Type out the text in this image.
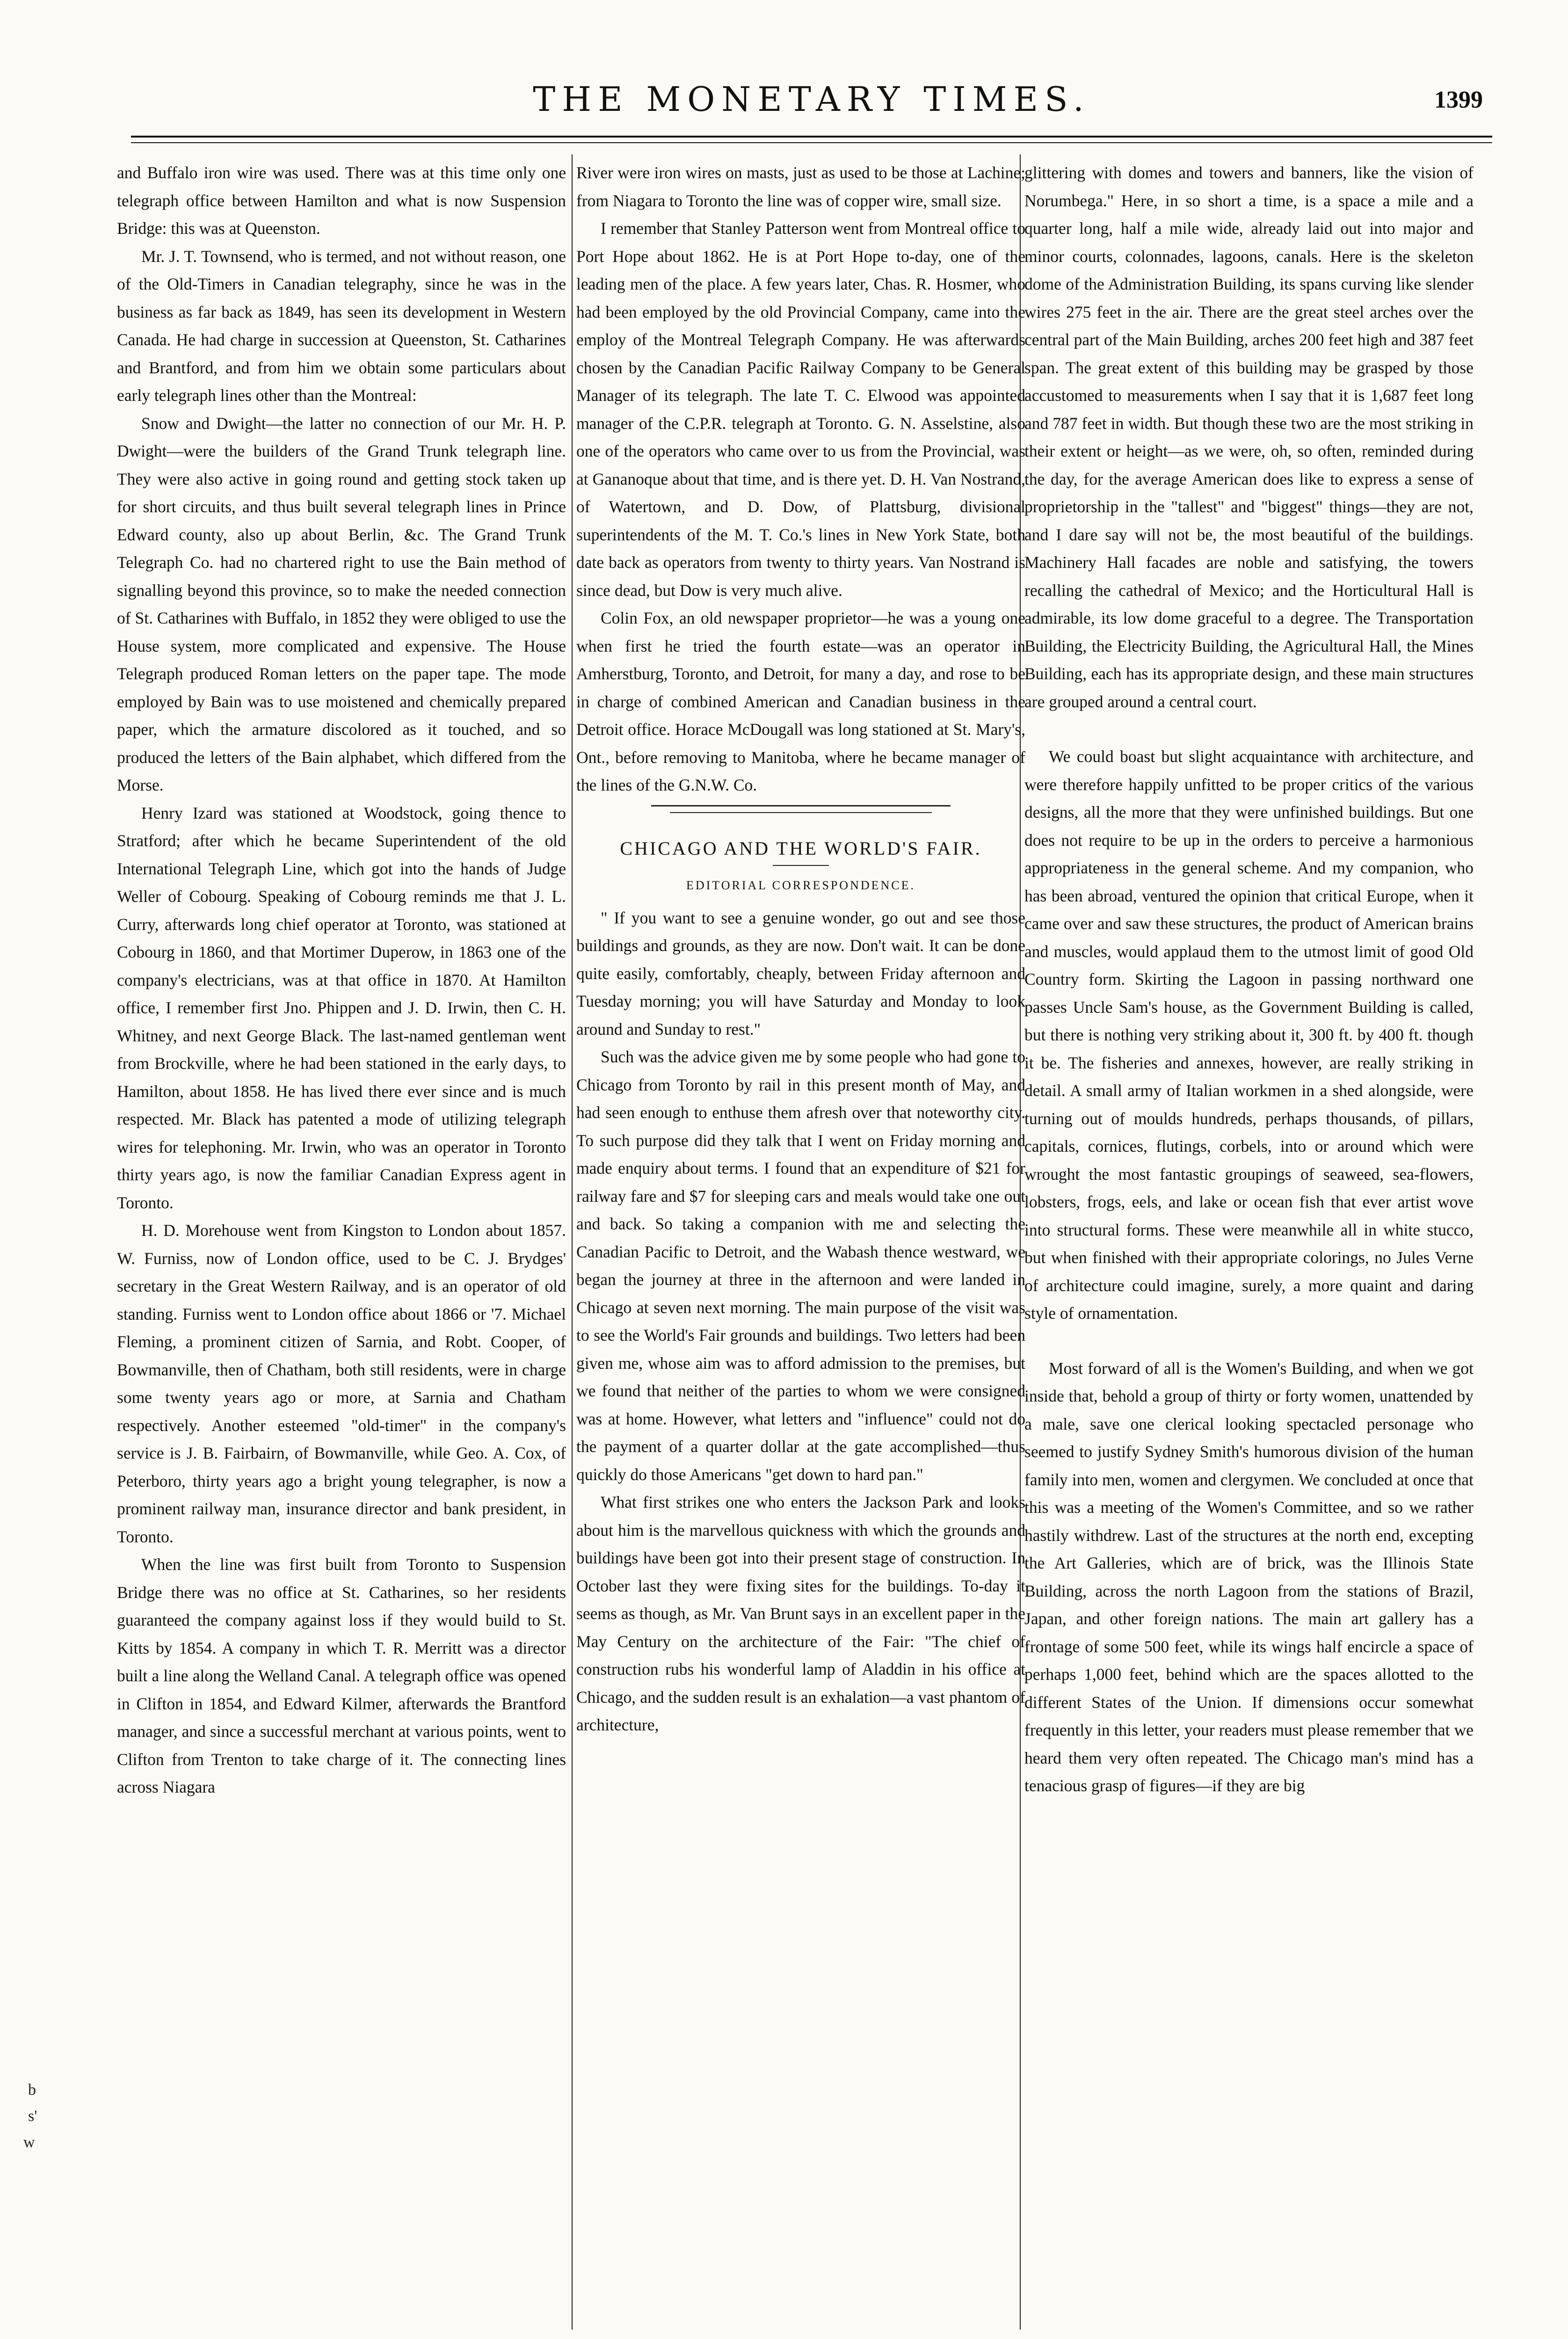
THE MONETARY TIMES.	1399

and Buffalo iron wire was used. There was at this time only one telegraph office between Hamilton and what is now Suspension Bridge: this was at Queenston.

Mr. J. T. Townsend, who is termed, and not without reason, one of the Old-Timers in Canadian telegraphy, since he was in the business as far back as 1849, has seen its development in Western Canada. He had charge in succession at Queenston, St. Catharines and Brantford, and from him we obtain some particulars about early telegraph lines other than the Montreal:

Snow and Dwight—the latter no connection of our Mr. H. P. Dwight—were the builders of the Grand Trunk telegraph line. They were also active in going round and getting stock taken up for short circuits, and thus built several telegraph lines in Prince Edward county, also up about Berlin, &c. The Grand Trunk Telegraph Co. had no chartered right to use the Bain method of signalling beyond this province, so to make the needed connection of St. Catharines with Buffalo, in 1852 they were obliged to use the House system, more complicated and expensive. The House Telegraph produced Roman letters on the paper tape. The mode employed by Bain was to use moistened and chemically prepared paper, which the armature discolored as it touched, and so produced the letters of the Bain alphabet, which differed from the Morse.

Henry Izard was stationed at Woodstock, going thence to Stratford; after which he became Superintendent of the old International Telegraph Line, which got into the hands of Judge Weller of Cobourg. Speaking of Cobourg reminds me that J. L. Curry, afterwards long chief operator at Toronto, was stationed at Cobourg in 1860, and that Mortimer Duperow, in 1863 one of the company's electricians, was at that office in 1870. At Hamilton office, I remember first Jno. Phippen and J. D. Irwin, then C. H. Whitney, and next George Black. The last-named gentleman went from Brockville, where he had been stationed in the early days, to Hamilton, about 1858. He has lived there ever since and is much respected. Mr. Black has patented a mode of utilizing telegraph wires for telephoning. Mr. Irwin, who was an operator in Toronto thirty years ago, is now the familiar Canadian Express agent in Toronto.

H. D. Morehouse went from Kingston to London about 1857. W. Furniss, now of London office, used to be C. J. Brydges' secretary in the Great Western Railway, and is an operator of old standing. Furniss went to London office about 1866 or '7. Michael Fleming, a prominent citizen of Sarnia, and Robt. Cooper, of Bowmanville, then of Chatham, both still residents, were in charge some twenty years ago or more, at Sarnia and Chatham respectively. Another esteemed "old-timer" in the company's service is J. B. Fairbairn, of Bowmanville, while Geo. A. Cox, of Peterboro, thirty years ago a bright young telegrapher, is now a prominent railway man, insurance director and bank president, in Toronto.

When the line was first built from Toronto to Suspension Bridge there was no office at St. Catharines, so her residents guaranteed the company against loss if they would build to St. Kitts by 1854. A company in which T. R. Merritt was a director built a line along the Welland Canal. A telegraph office was opened in Clifton in 1854, and Edward Kilmer, afterwards the Brantford manager, and since a successful merchant at various points, went to Clifton from Trenton to take charge of it. The connecting lines across Niagara

River were iron wires on masts, just as used to be those at Lachine; from Niagara to Toronto the line was of copper wire, small size.

I remember that Stanley Patterson went from Montreal office to Port Hope about 1862. He is at Port Hope to-day, one of the leading men of the place. A few years later, Chas. R. Hosmer, who had been employed by the old Provincial Company, came into the employ of the Montreal Telegraph Company. He was afterwards chosen by the Canadian Pacific Railway Company to be General Manager of its telegraph. The late T. C. Elwood was appointed manager of the C.P.R. telegraph at Toronto. G. N. Asselstine, also one of the operators who came over to us from the Provincial, was at Gananoque about that time, and is there yet. D. H. Van Nostrand, of Watertown, and D. Dow, of Plattsburg, divisional superintendents of the M. T. Co.'s lines in New York State, both date back as operators from twenty to thirty years. Van Nostrand is since dead, but Dow is very much alive.

Colin Fox, an old newspaper proprietor—he was a young one when first he tried the fourth estate—was an operator in Amherstburg, Toronto, and Detroit, for many a day, and rose to be in charge of combined American and Canadian business in the Detroit office. Horace McDougall was long stationed at St. Mary's, Ont., before removing to Manitoba, where he became manager of the lines of the G.N.W. Co.

CHICAGO AND THE WORLD'S FAIR.
EDITORIAL CORRESPONDENCE.

" If you want to see a genuine wonder, go out and see those buildings and grounds, as they are now. Don't wait. It can be done quite easily, comfortably, cheaply, between Friday afternoon and Tuesday morning; you will have Saturday and Monday to look around and Sunday to rest."

Such was the advice given me by some people who had gone to Chicago from Toronto by rail in this present month of May, and had seen enough to enthuse them afresh over that noteworthy city. To such purpose did they talk that I went on Friday morning and made enquiry about terms. I found that an expenditure of $21 for railway fare and $7 for sleeping cars and meals would take one out and back. So taking a companion with me and selecting the Canadian Pacific to Detroit, and the Wabash thence westward, we began the journey at three in the afternoon and were landed in Chicago at seven next morning. The main purpose of the visit was to see the World's Fair grounds and buildings. Two letters had been given me, whose aim was to afford admission to the premises, but we found that neither of the parties to whom we were consigned was at home. However, what letters and "influence" could not do the payment of a quarter dollar at the gate accomplished—thus quickly do those Americans "get down to hard pan."

What first strikes one who enters the Jackson Park and looks about him is the marvellous quickness with which the grounds and buildings have been got into their present stage of construction. In October last they were fixing sites for the buildings. To-day it seems as though, as Mr. Van Brunt says in an excellent paper in the May Century on the architecture of the Fair: "The chief of construction rubs his wonderful lamp of Aladdin in his office at Chicago, and the sudden result is an exhalation—a vast phantom of architecture,

glittering with domes and towers and banners, like the vision of Norumbega." Here, in so short a time, is a space a mile and a quarter long, half a mile wide, already laid out into major and minor courts, colonnades, lagoons, canals. Here is the skeleton dome of the Administration Building, its spans curving like slender wires 275 feet in the air. There are the great steel arches over the central part of the Main Building, arches 200 feet high and 387 feet span. The great extent of this building may be grasped by those accustomed to measurements when I say that it is 1,687 feet long and 787 feet in width. But though these two are the most striking in their extent or height—as we were, oh, so often, reminded during the day, for the average American does like to express a sense of proprietorship in the "tallest" and "biggest" things—they are not, and I dare say will not be, the most beautiful of the buildings. Machinery Hall facades are noble and satisfying, the towers recalling the cathedral of Mexico; and the Horticultural Hall is admirable, its low dome graceful to a degree. The Transportation Building, the Electricity Building, the Agricultural Hall, the Mines Building, each has its appropriate design, and these main structures are grouped around a central court.

We could boast but slight acquaintance with architecture, and were therefore happily unfitted to be proper critics of the various designs, all the more that they were unfinished buildings. But one does not require to be up in the orders to perceive a harmonious appropriateness in the general scheme. And my companion, who has been abroad, ventured the opinion that critical Europe, when it came over and saw these structures, the product of American brains and muscles, would applaud them to the utmost limit of good Old Country form. Skirting the Lagoon in passing northward one passes Uncle Sam's house, as the Government Building is called, but there is nothing very striking about it, 300 ft. by 400 ft. though it be. The fisheries and annexes, however, are really striking in detail. A small army of Italian workmen in a shed alongside, were turning out of moulds hundreds, perhaps thousands, of pillars, capitals, cornices, flutings, corbels, into or around which were wrought the most fantastic groupings of seaweed, sea-flowers, lobsters, frogs, eels, and lake or ocean fish that ever artist wove into structural forms. These were meanwhile all in white stucco, but when finished with their appropriate colorings, no Jules Verne of architecture could imagine, surely, a more quaint and daring style of ornamentation.

Most forward of all is the Women's Building, and when we got inside that, behold a group of thirty or forty women, unattended by a male, save one clerical looking spectacled personage who seemed to justify Sydney Smith's humorous division of the human family into men, women and clergymen. We concluded at once that this was a meeting of the Women's Committee, and so we rather hastily withdrew. Last of the structures at the north end, excepting the Art Galleries, which are of brick, was the Illinois State Building, across the north Lagoon from the stations of Brazil, Japan, and other foreign nations. The main art gallery has a frontage of some 500 feet, while its wings half encircle a space of perhaps 1,000 feet, behind which are the spaces allotted to the different States of the Union. If dimensions occur somewhat frequently in this letter, your readers must please remember that we heard them very often repeated. The Chicago man's mind has a tenacious grasp of figures—if they are big

b
s'
w
